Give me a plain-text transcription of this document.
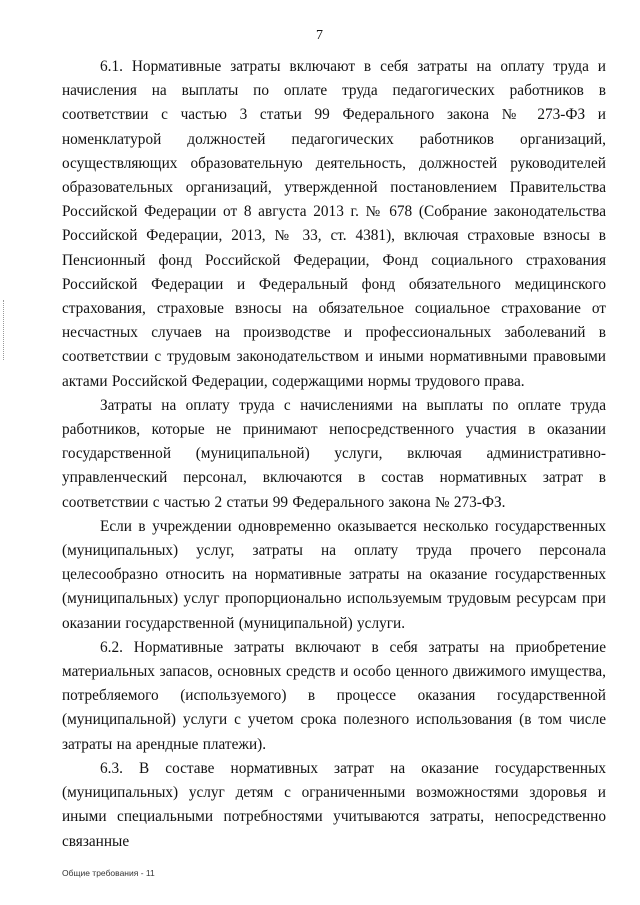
7

6.1. Нормативные затраты включают в себя затраты на оплату труда и начисления на выплаты по оплате труда педагогических работников в соответствии с частью 3 статьи 99 Федерального закона № 273-ФЗ и номенклатурой должностей педагогических работников организаций, осуществляющих образовательную деятельность, должностей руководителей образовательных организаций, утвержденной постановлением Правительства Российской Федерации от 8 августа 2013 г. № 678 (Собрание законодательства Российской Федерации, 2013, № 33, ст. 4381), включая страховые взносы в Пенсионный фонд Российской Федерации, Фонд социального страхования Российской Федерации и Федеральный фонд обязательного медицинского страхования, страховые взносы на обязательное социальное страхование от несчастных случаев на производстве и профессиональных заболеваний в соответствии с трудовым законодательством и иными нормативными правовыми актами Российской Федерации, содержащими нормы трудового права.

Затраты на оплату труда с начислениями на выплаты по оплате труда работников, которые не принимают непосредственного участия в оказании государственной (муниципальной) услуги, включая административно-управленческий персонал, включаются в состав нормативных затрат в соответствии с частью 2 статьи 99 Федерального закона № 273-ФЗ.

Если в учреждении одновременно оказывается несколько государственных (муниципальных) услуг, затраты на оплату труда прочего персонала целесообразно относить на нормативные затраты на оказание государственных (муниципальных) услуг пропорционально используемым трудовым ресурсам при оказании государственной (муниципальной) услуги.

6.2. Нормативные затраты включают в себя затраты на приобретение материальных запасов, основных средств и особо ценного движимого имущества, потребляемого (используемого) в процессе оказания государственной (муниципальной) услуги с учетом срока полезного использования (в том числе затраты на арендные платежи).

6.3. В составе нормативных затрат на оказание государственных (муниципальных) услуг детям с ограниченными возможностями здоровья и иными специальными потребностями учитываются затраты, непосредственно связанные

Общие требования - 11
